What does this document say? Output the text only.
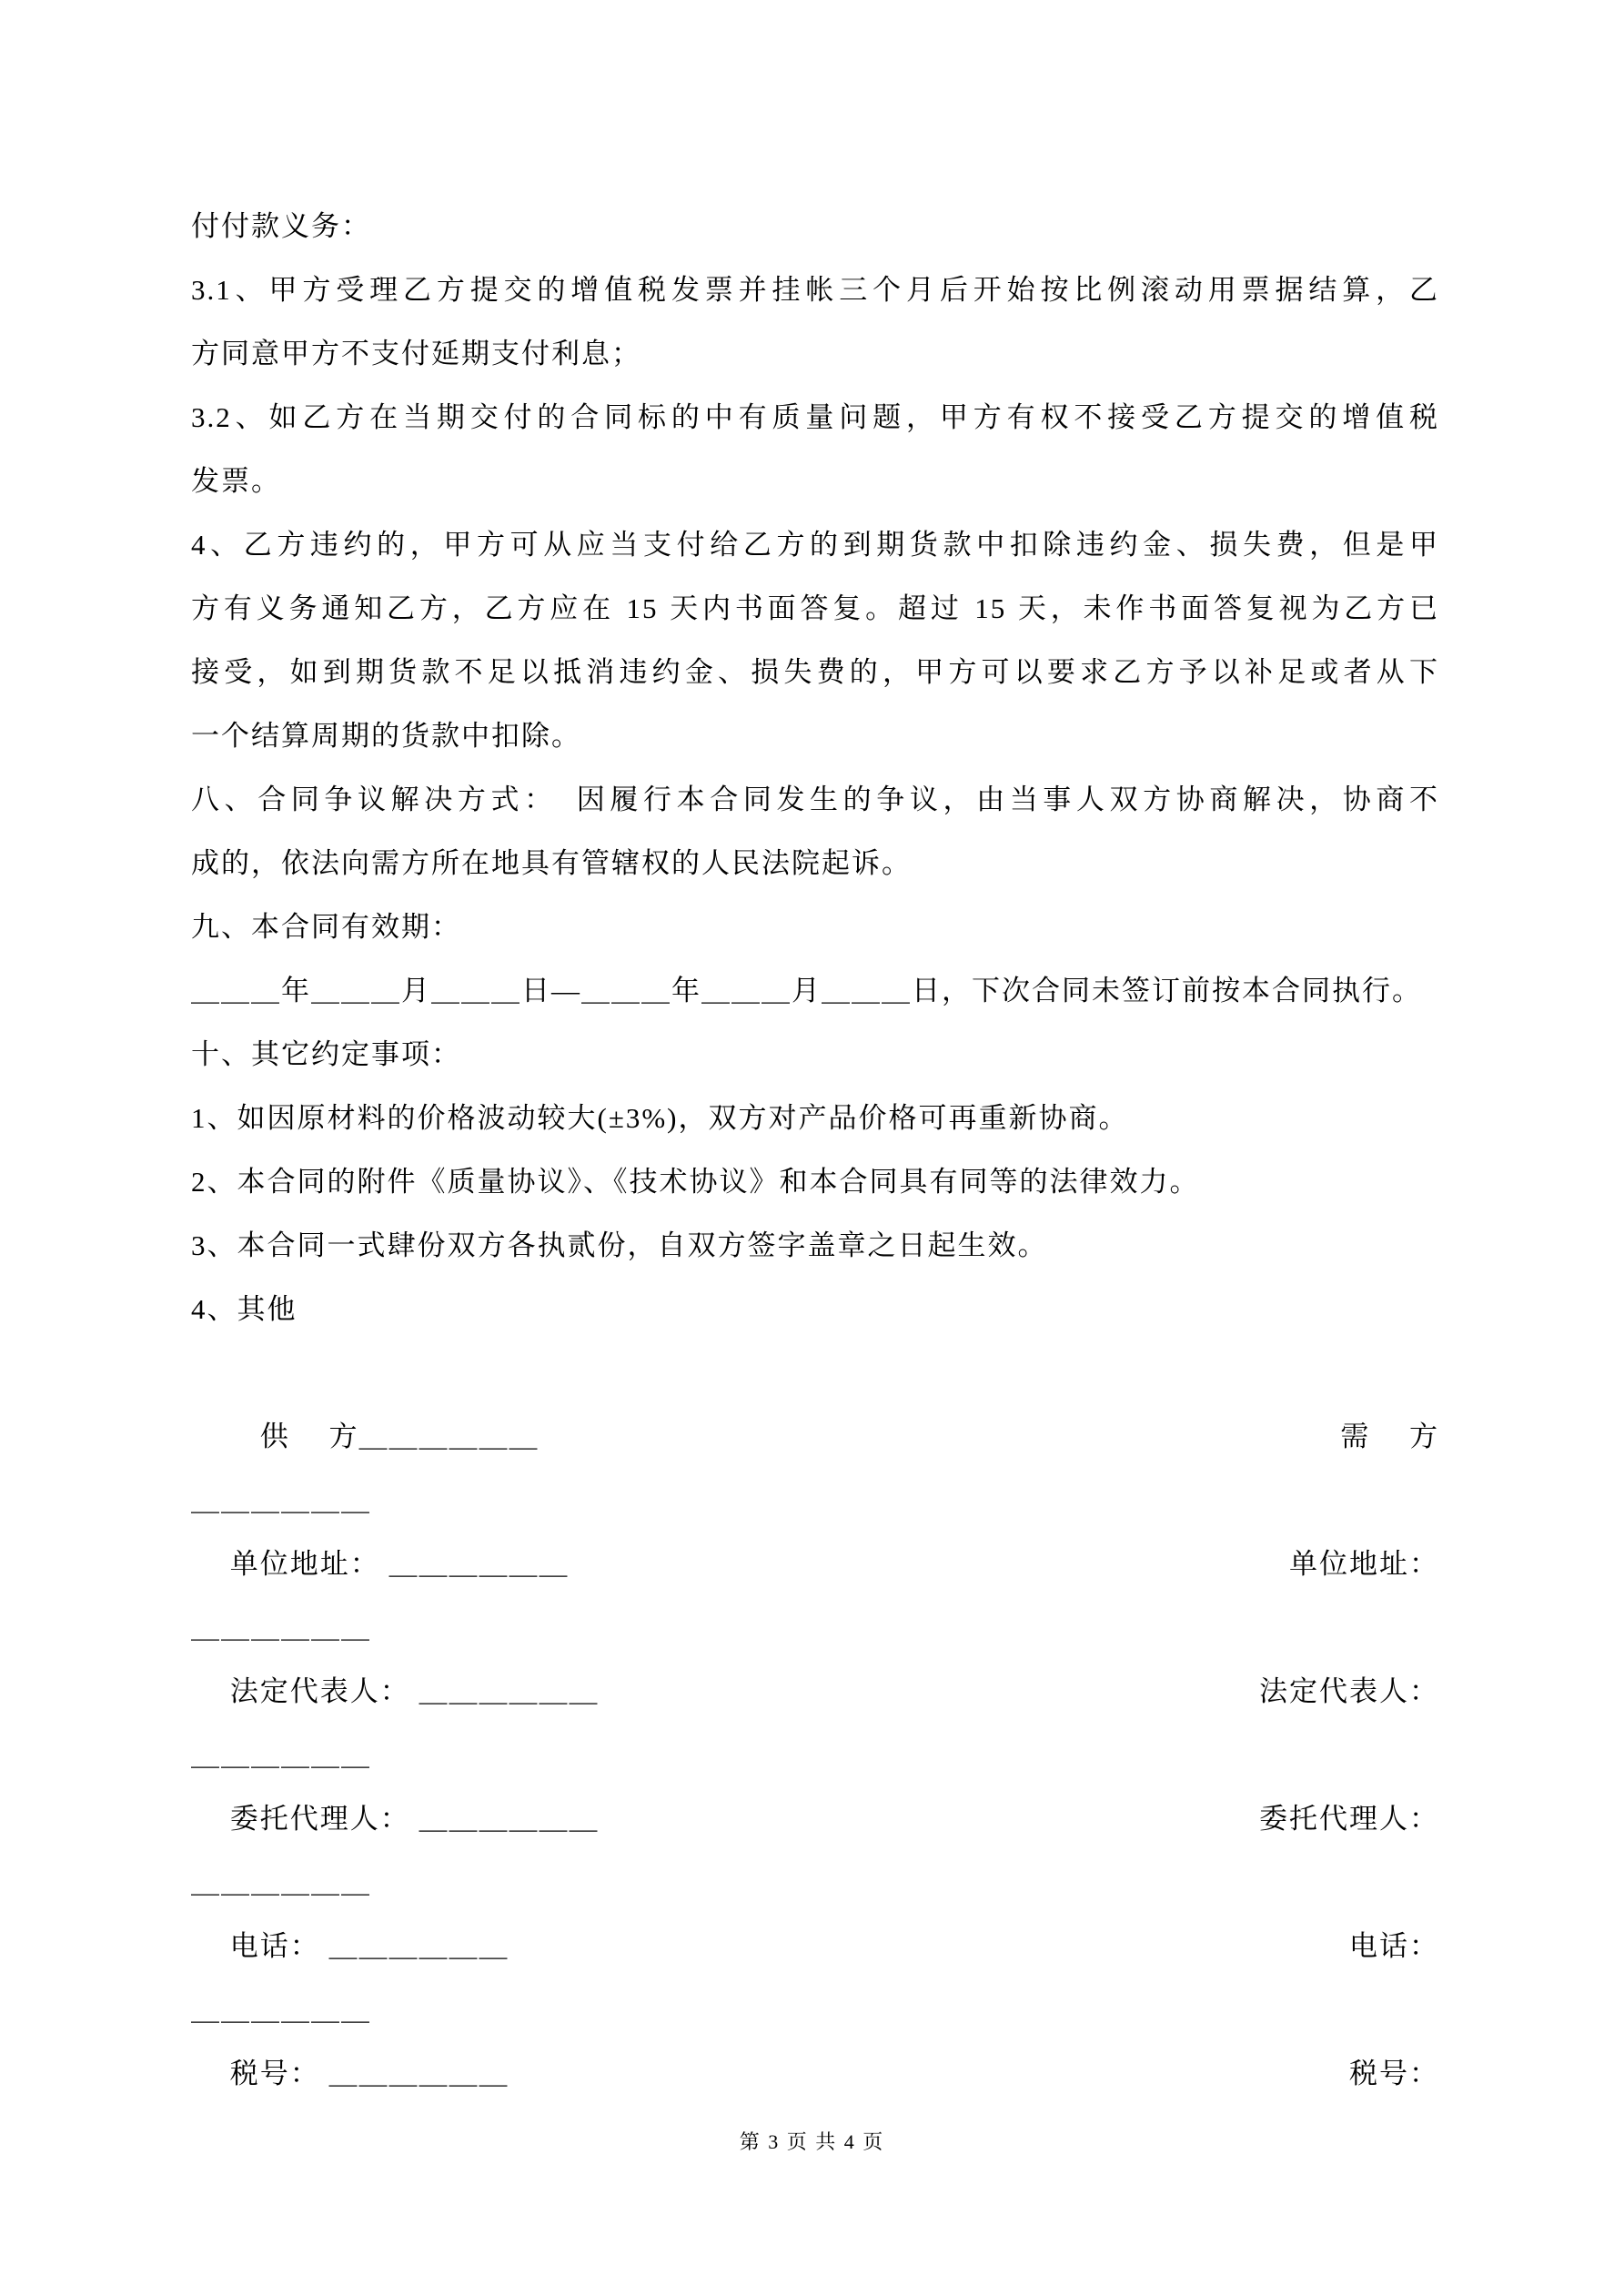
付付款义务：
3.1、甲方受理乙方提交的增值税发票并挂帐三个月后开始按比例滚动用票据结算，乙
方同意甲方不支付延期支付利息；
3.2、如乙方在当期交付的合同标的中有质量问题，甲方有权不接受乙方提交的增值税
发票。
4、乙方违约的，甲方可从应当支付给乙方的到期货款中扣除违约金、损失费，但是甲
方有义务通知乙方，乙方应在 15 天内书面答复。超过 15 天，未作书面答复视为乙方已
接受，如到期货款不足以抵消违约金、损失费的，甲方可以要求乙方予以补足或者从下
一个结算周期的货款中扣除。
八、合同争议解决方式：　因履行本合同发生的争议，由当事人双方协商解决，协商不
成的，依法向需方所在地具有管辖权的人民法院起诉。
九、本合同有效期：
＿＿＿年＿＿＿月＿＿＿日—＿＿＿年＿＿＿月＿＿＿日，下次合同未签订前按本合同执行。
十、其它约定事项：
1、如因原材料的价格波动较大(±3%)，双方对产品价格可再重新协商。
2、本合同的附件《质量协议》、《技术协议》和本合同具有同等的法律效力。
3、本合同一式肆份双方各执贰份，自双方签字盖章之日起生效。
4、其他
　　 供　 方＿＿＿＿＿＿	需　 方
＿＿＿＿＿＿
　 单位地址： ＿＿＿＿＿＿	单位地址：
＿＿＿＿＿＿
　 法定代表人： ＿＿＿＿＿＿	法定代表人：
＿＿＿＿＿＿
　 委托代理人： ＿＿＿＿＿＿	委托代理人：
＿＿＿＿＿＿
　 电话： ＿＿＿＿＿＿	电话：
＿＿＿＿＿＿
　 税号： ＿＿＿＿＿＿	税号：
第 3 页 共 4 页
